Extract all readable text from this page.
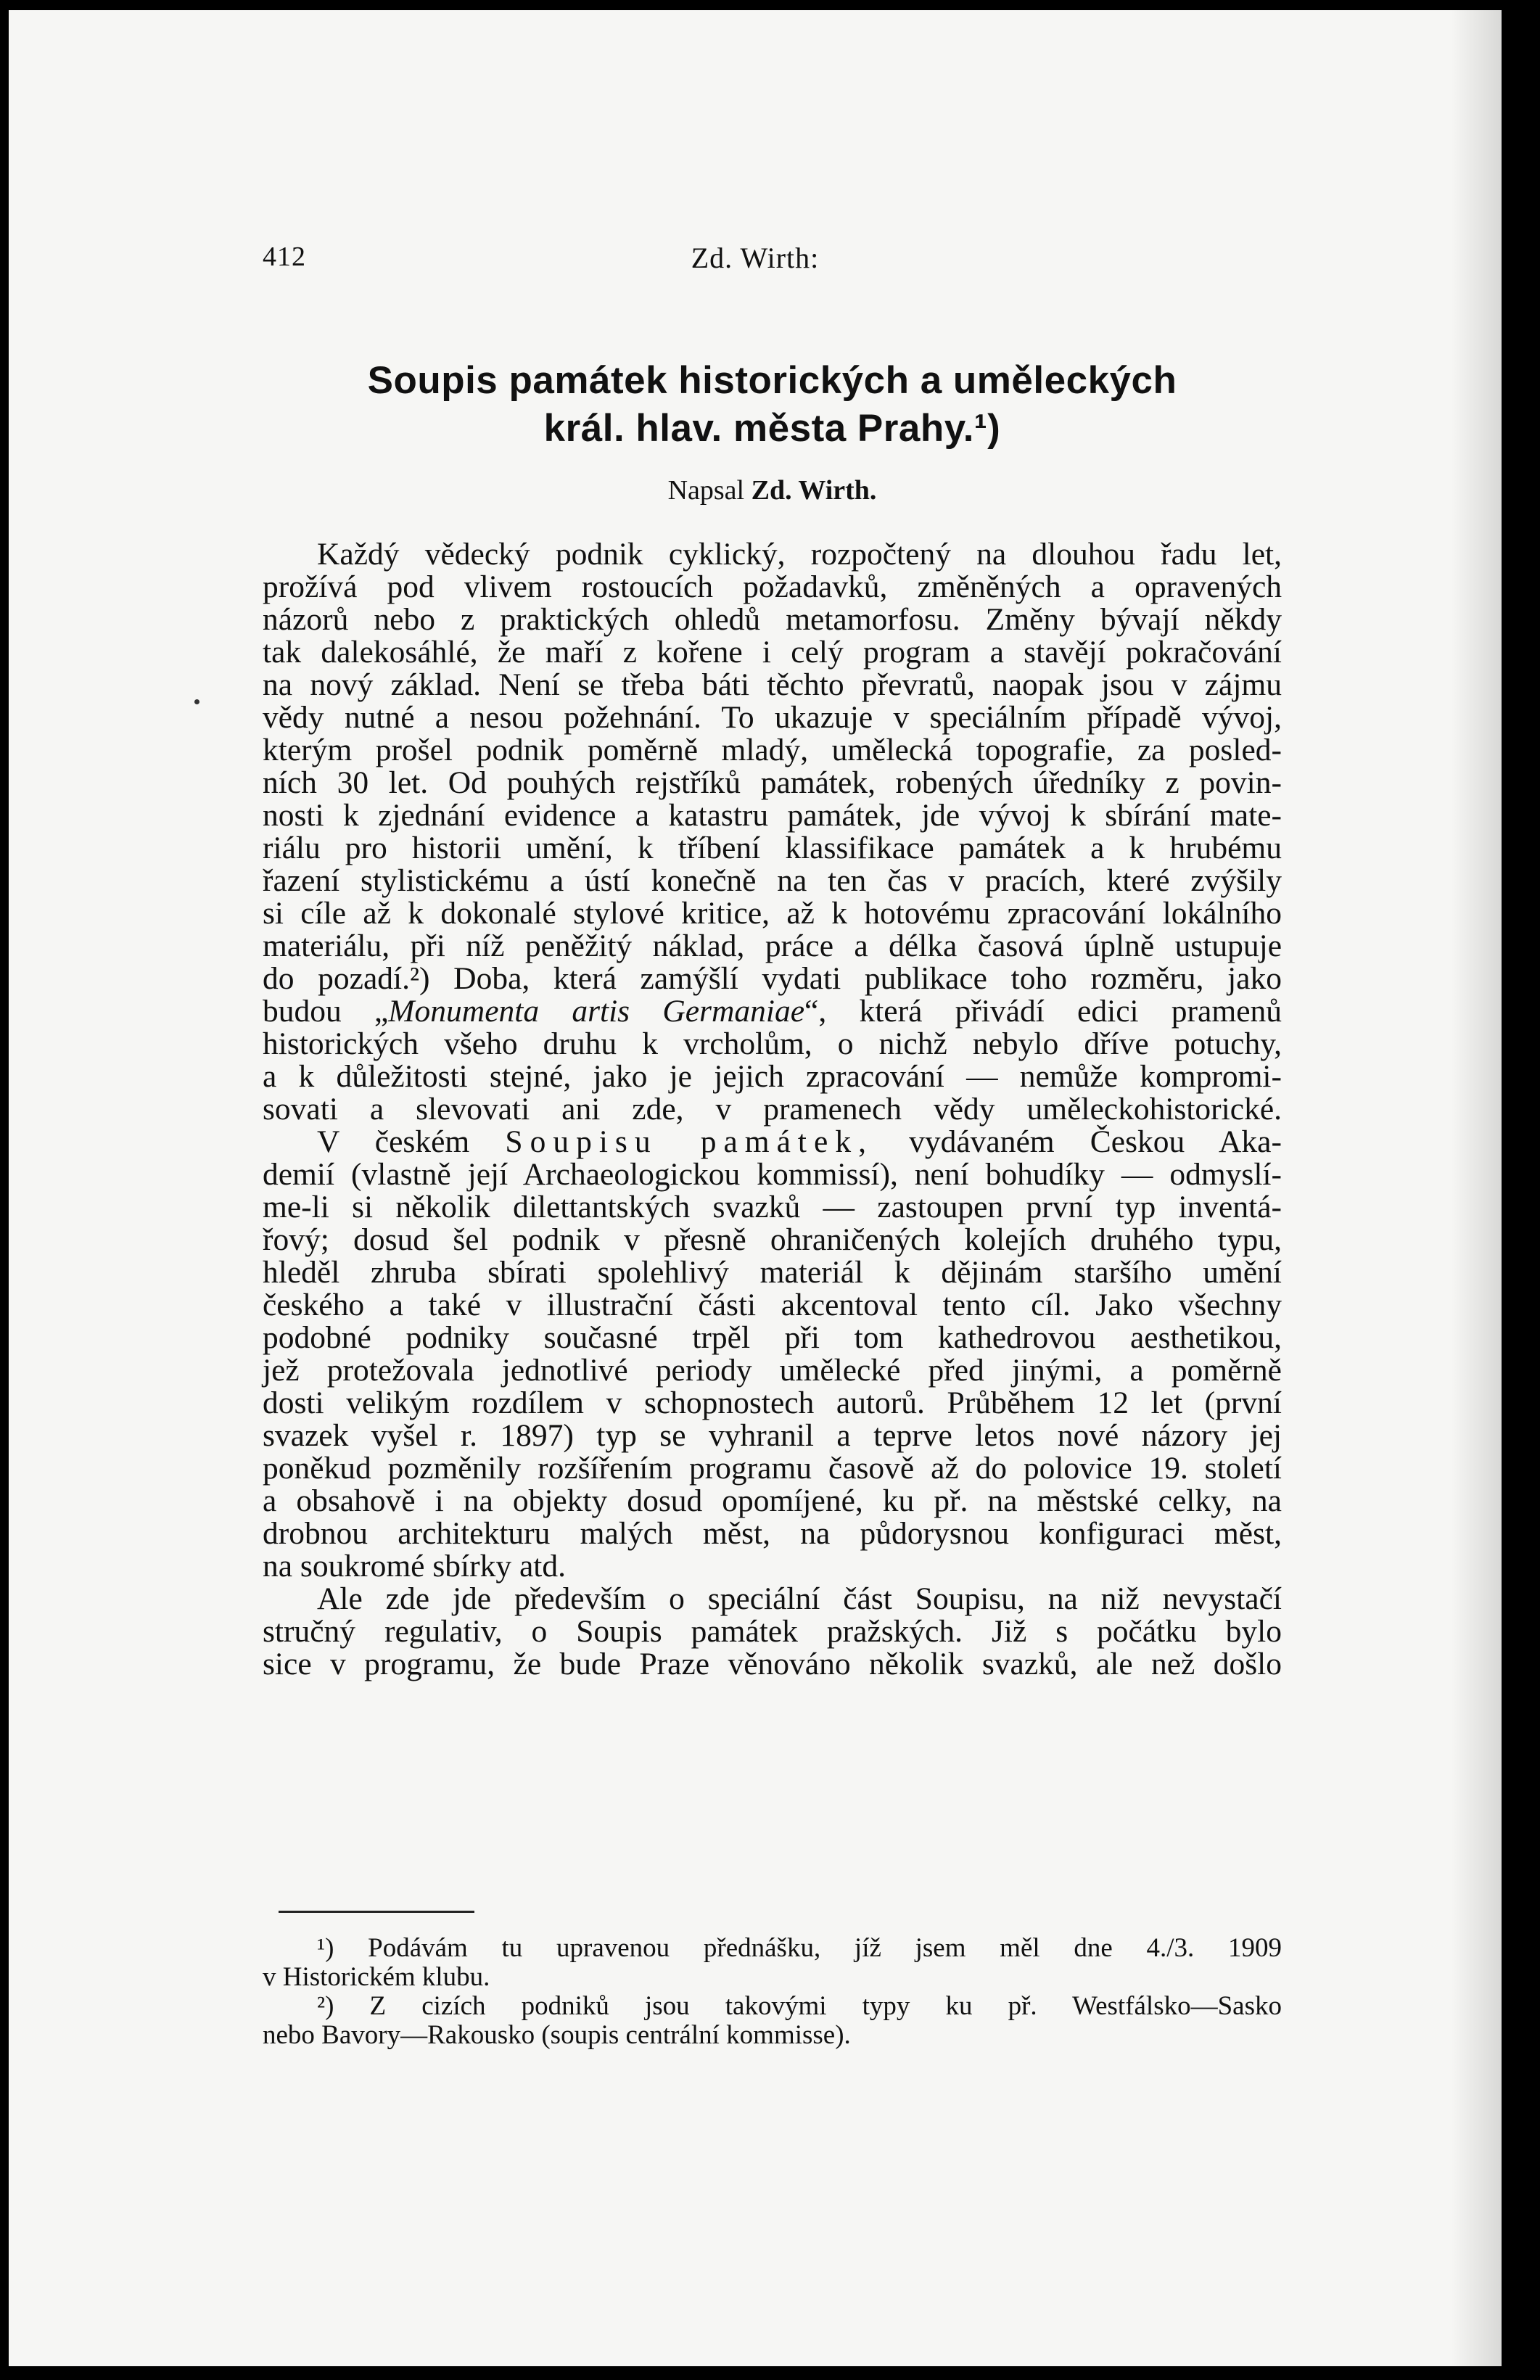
412	Zd. Wirth:
Soupis památek historických a uměleckých
král. hlav. města Prahy.¹)
Napsal Zd. Wirth.
Každý vědecký podnik cyklický, rozpočtený na dlouhou řadu let,
prožívá pod vlivem rostoucích požadavků, změněných a opravených
názorů nebo z praktických ohledů metamorfosu. Změny bývají někdy
tak dalekosáhlé, že maří z kořene i celý program a stavějí pokračování
na nový základ. Není se třeba báti těchto převratů, naopak jsou v zájmu
vědy nutné a nesou požehnání. To ukazuje v speciálním případě vývoj,
kterým prošel podnik poměrně mladý, umělecká topografie, za posled-
ních 30 let. Od pouhých rejstříků památek, robených úředníky z povin-
nosti k zjednání evidence a katastru památek, jde vývoj k sbírání mate-
riálu pro historii umění, k tříbení klassifikace památek a k hrubému
řazení stylistickému a ústí konečně na ten čas v pracích, které zvýšily
si cíle až k dokonalé stylové kritice, až k hotovému zpracování lokálního
materiálu, při níž peněžitý náklad, práce a délka časová úplně ustupuje
do pozadí.²) Doba, která zamýšlí vydati publikace toho rozměru, jako
budou „Monumenta artis Germaniae“, která přivádí edici pramenů
historických všeho druhu k vrcholům, o nichž nebylo dříve potuchy,
a k důležitosti stejné, jako je jejich zpracování — nemůže kompromi-
sovati a slevovati ani zde, v pramenech vědy uměleckohistorické.
V českém Soupisu památek, vydávaném Českou Aka-
demií (vlastně její Archaeologickou kommissí), není bohudíky — odmyslí-
me-li si několik dilettantských svazků — zastoupen první typ inventá-
řový; dosud šel podnik v přesně ohraničených kolejích druhého typu,
hleděl zhruba sbírati spolehlivý materiál k dějinám staršího umění
českého a také v illustrační části akcentoval tento cíl. Jako všechny
podobné podniky současné trpěl při tom kathedrovou aesthetikou,
jež protežovala jednotlivé periody umělecké před jinými, a poměrně
dosti velikým rozdílem v schopnostech autorů. Průběhem 12 let (první
svazek vyšel r. 1897) typ se vyhranil a teprve letos nové názory jej
poněkud pozměnily rozšířením programu časově až do polovice 19. století
a obsahově i na objekty dosud opomíjené, ku př. na městské celky, na
drobnou architekturu malých měst, na půdorysnou konfiguraci měst,
na soukromé sbírky atd.
Ale zde jde především o speciální část Soupisu, na niž nevystačí
stručný regulativ, o Soupis památek pražských. Již s počátku bylo
sice v programu, že bude Praze věnováno několik svazků, ale než došlo
¹) Podávám tu upravenou přednášku, jíž jsem měl dne 4./3. 1909
v Historickém klubu.
²) Z cizích podniků jsou takovými typy ku př. Westfálsko—Sasko
nebo Bavory—Rakousko (soupis centrální kommisse).
